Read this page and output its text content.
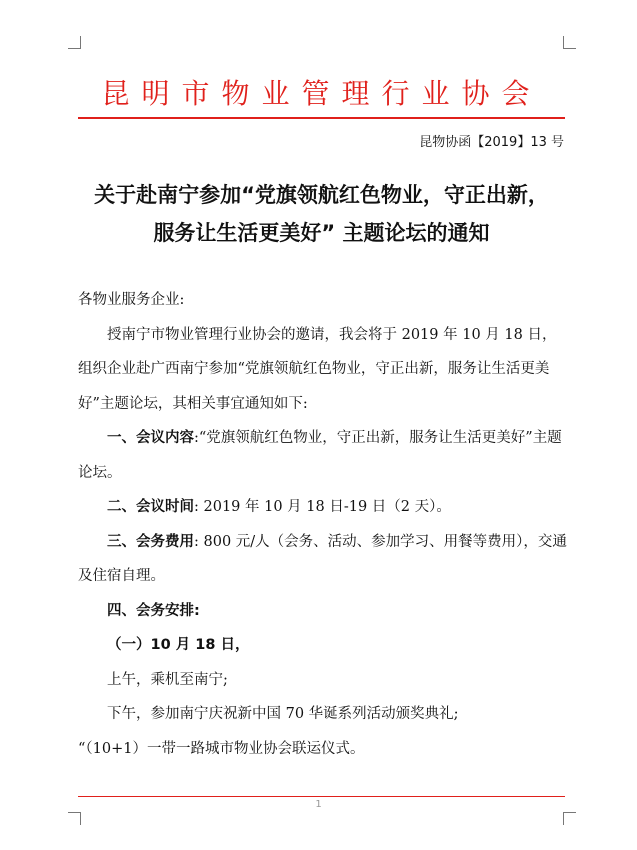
昆明市物业管理行业协会
昆物协函【2019】13 号
关于赴南宁参加“党旗领航红色物业，守正出新，
服务让生活更美好” 主题论坛的通知

各物业服务企业:

授南宁市物业管理行业协会的邀请，我会将于 2019 年 10 月 18 日，组织企业赴广西南宁参加“党旗领航红色物业，守正出新，服务让生活更美好”主题论坛，其相关事宜通知如下:

一、会议内容:“党旗领航红色物业，守正出新，服务让生活更美好”主题论坛。

二、会议时间: 2019 年 10 月 18 日-19 日（2 天）。

三、会务费用: 800 元/人（会务、活动、参加学习、用餐等费用），交通及住宿自理。

四、会务安排:

（一）10 月 18 日，

上午，乘机至南宁;

下午，参加南宁庆祝新中国 70 华诞系列活动颁奖典礼;

“（10+1）一带一路城市物业协会联运仪式。

1
